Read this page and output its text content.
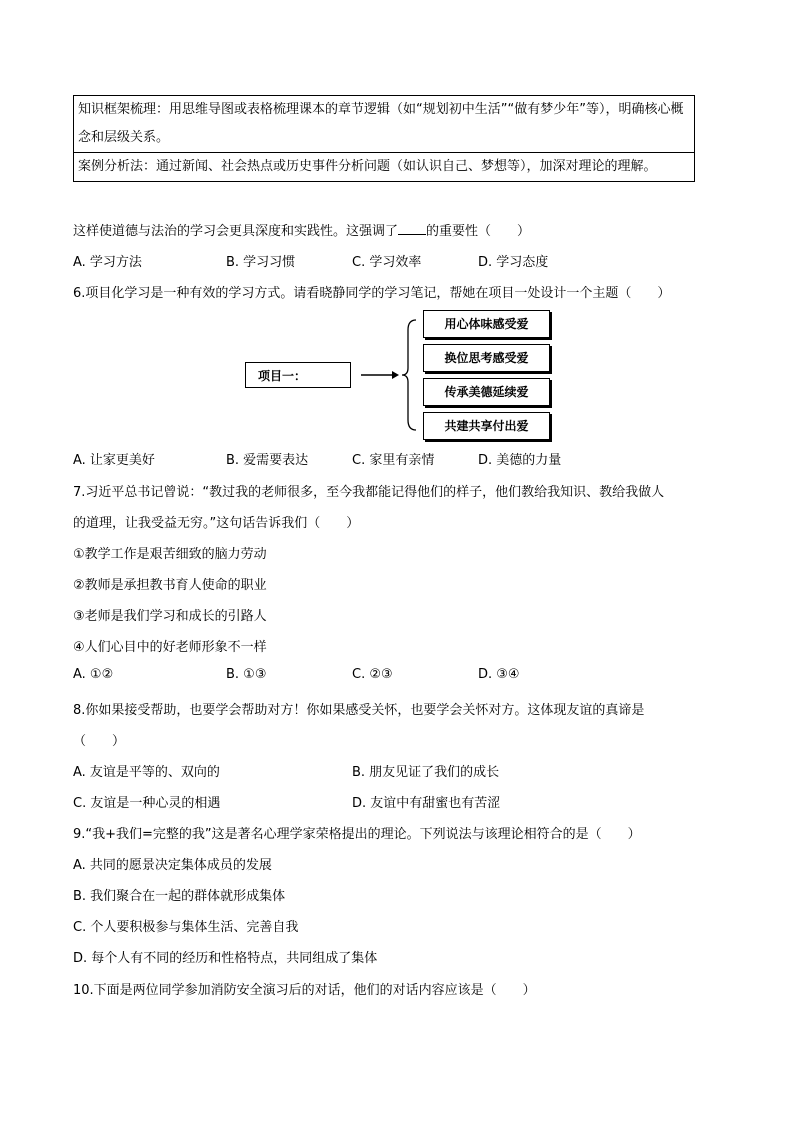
知识框架梳理：用思维导图或表格梳理课本的章节逻辑（如“规划初中生活”“做有梦少年”等），明确核心概念和层级关系。
案例分析法：通过新闻、社会热点或历史事件分析问题（如认识自己、梦想等），加深对理论的理解。
这样使道德与法治的学习会更具深度和实践性。这强调了 的重要性（　　）
A. 学习方法	B. 学习习惯	C. 学习效率	D. 学习态度
6.项目化学习是一种有效的学习方式。请看晓静同学的学习笔记，帮她在项目一处设计一个主题（　　）
项目一：
用心体味感受爱
换位思考感受爱
传承美德延续爱
共建共享付出爱
A. 让家更美好	B. 爱需要表达	C. 家里有亲情	D. 美德的力量
7.习近平总书记曾说：“教过我的老师很多，至今我都能记得他们的样子，他们教给我知识、教给我做人
的道理，让我受益无穷。”这句话告诉我们（　　）
①教学工作是艰苦细致的脑力劳动
②教师是承担教书育人使命的职业
③老师是我们学习和成长的引路人
④人们心目中的好老师形象不一样
A. ①②	B. ①③	C. ②③	D. ③④
8.你如果接受帮助，也要学会帮助对方！你如果感受关怀，也要学会关怀对方。这体现友谊的真谛是
（　　）
A. 友谊是平等的、双向的	B. 朋友见证了我们的成长
C. 友谊是一种心灵的相遇	D. 友谊中有甜蜜也有苦涩
9.“我+我们=完整的我”这是著名心理学家荣格提出的理论。下列说法与该理论相符合的是（　　）
A. 共同的愿景决定集体成员的发展
B. 我们聚合在一起的群体就形成集体
C. 个人要积极参与集体生活、完善自我
D. 每个人有不同的经历和性格特点，共同组成了集体
10.下面是两位同学参加消防安全演习后的对话，他们的对话内容应该是（　　）
